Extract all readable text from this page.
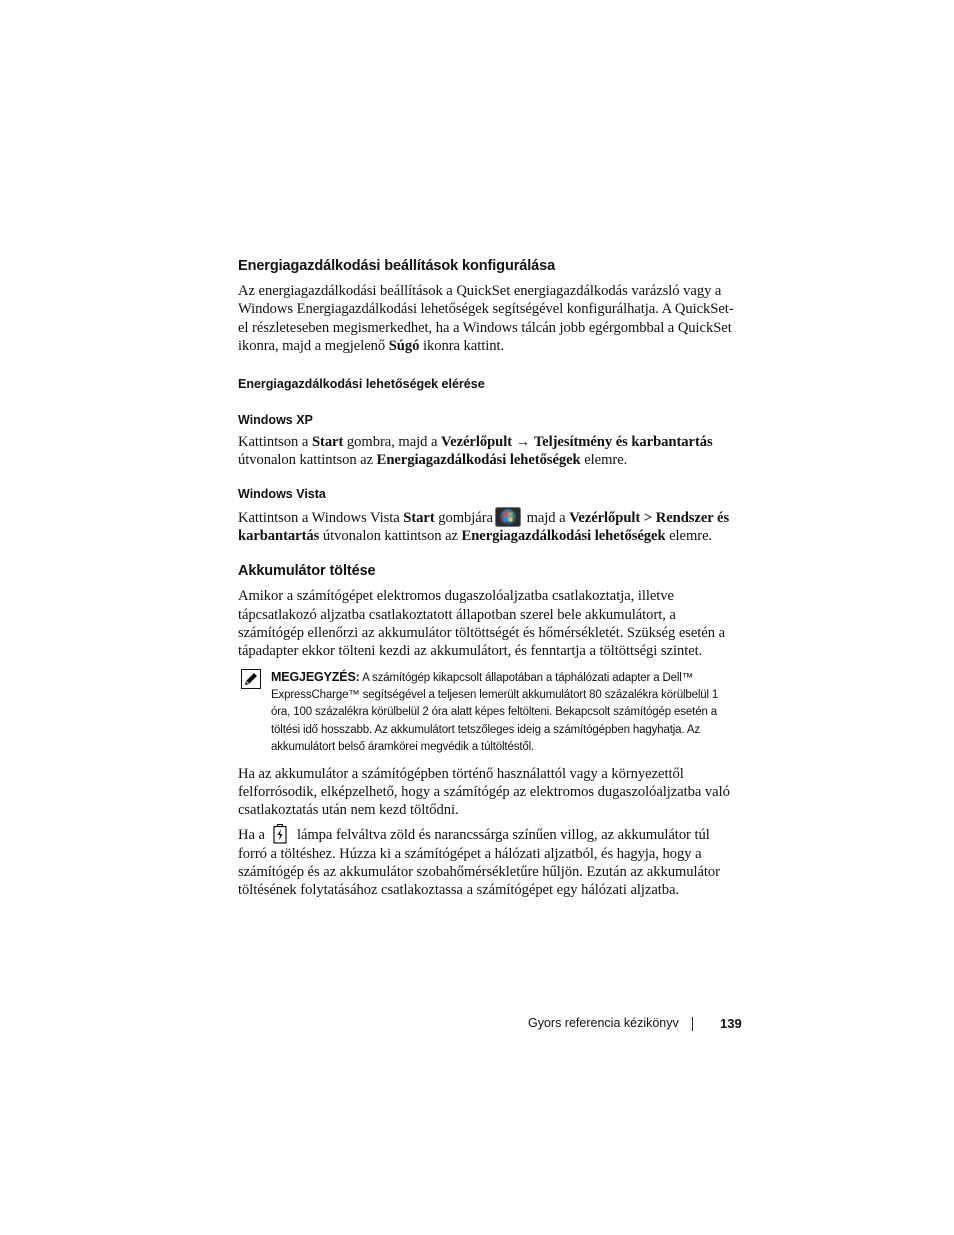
Energiagazdálkodási beállítások konfigurálása

Az energiagazdálkodási beállítások a QuickSet energiagazdálkodás varázsló vagy a Windows Energiagazdálkodási lehetőségek segítségével konfigurálhatja. A QuickSet-el részleteseben megismerkedhet, ha a Windows tálcán jobb egérgombbal a QuickSet ikonra, majd a megjelenő Súgó ikonra kattint.

Energiagazdálkodási lehetőségek elérése
Windows XP

Kattintson a Start gombra, majd a Vezérlőpult → Teljesítmény és karbantartás útvonalon kattintson az Energiagazdálkodási lehetőségek elemre.

Windows Vista

Kattintson a Windows Vista Start gombjára majd a Vezérlőpult > Rendszer és karbantartás útvonalon kattintson az Energiagazdálkodási lehetőségek elemre.

Akkumulátor töltése

Amikor a számítógépet elektromos dugaszolóaljzatba csatlakoztatja, illetve tápcsatlakozó aljzatba csatlakoztatott állapotban szerel bele akkumulátort, a számítógép ellenőrzi az akkumulátor töltöttségét és hőmérsékletét. Szükség esetén a tápadapter ekkor tölteni kezdi az akkumulátort, és fenntartja a töltöttségi szintet.

MEGJEGYZÉS: A számítógép kikapcsolt állapotában a táphálózati adapter a Dell™ ExpressCharge™ segítségével a teljesen lemerült akkumulátort 80 százalékra körülbelül 1 óra, 100 százalékra körülbelül 2 óra alatt képes feltölteni. Bekapcsolt számítógép esetén a töltési idő hosszabb. Az akkumulátort tetszőleges ideig a számítógépben hagyhatja. Az akkumulátort belső áramkörei megvédik a túltöltéstől.

Ha az akkumulátor a számítógépben történő használattól vagy a környezettől felforrósodik, elképzelhető, hogy a számítógép az elektromos dugaszolóaljzatba való csatlakoztatás után nem kezd töltődni.

Ha a lámpa felváltva zöld és narancssárga színűen villog, az akkumulátor túl forró a töltéshez. Húzza ki a számítógépet a hálózati aljzatból, és hagyja, hogy a számítógép és az akkumulátor szobahőmérsékletűre hűljön. Ezután az akkumulátor töltésének folytatásához csatlakoztassa a számítógépet egy hálózati aljzatba.

Gyors referencia kézikönyv	139
